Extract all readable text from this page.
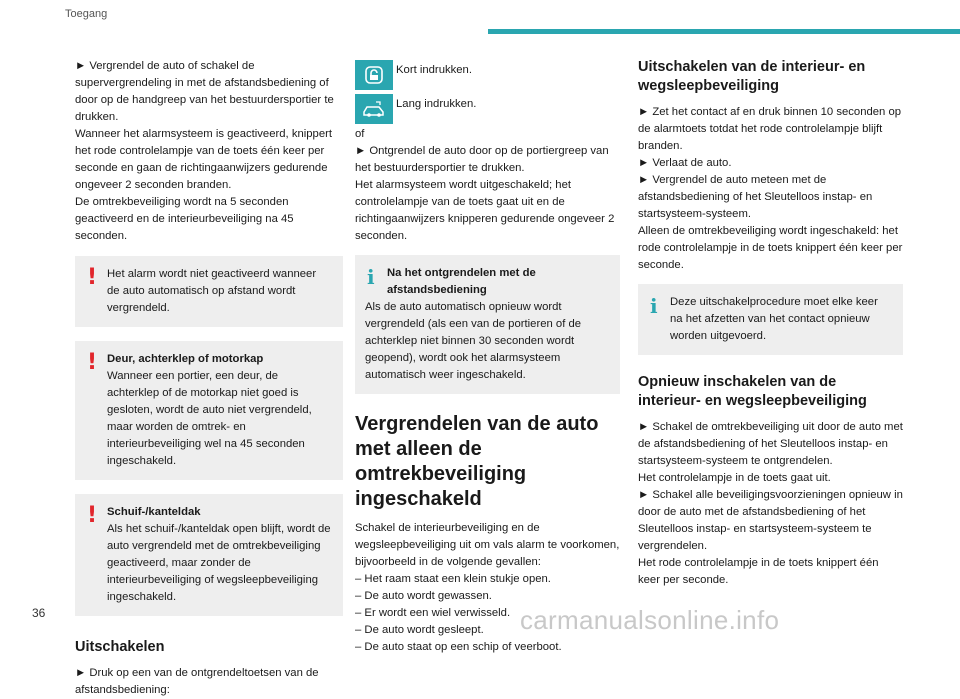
Toegang

► Vergrendel de auto of schakel de supervergrendeling in met de afstandsbediening of door op de handgreep van het bestuurdersportier te drukken.

Wanneer het alarmsysteem is geactiveerd, knippert het rode controlelampje van de toets één keer per seconde en gaan de richtingaanwijzers gedurende ongeveer 2 seconden branden.

De omtrekbeveiliging wordt na 5 seconden geactiveerd en de interieurbeveiliging na 45 seconden.

! Het alarm wordt niet geactiveerd wanneer de auto automatisch op afstand wordt vergrendeld.
! Deur, achterklep of motorkap
Wanneer een portier, een deur, de achterklep of de motorkap niet goed is gesloten, wordt de auto niet vergrendeld, maar worden de omtrek- en interieurbeveiliging wel na 45 seconden ingeschakeld.
! Schuif-/kanteldak
Als het schuif-/kanteldak open blijft, wordt de auto vergrendeld met de omtrekbeveiliging geactiveerd, maar zonder de interieurbeveiliging of wegsleepbeveiliging ingeschakeld.
Uitschakelen

► Druk op een van de ontgrendeltoetsen van de afstandsbediening:

Kort indrukken.
Lang indrukken.

of

► Ontgrendel de auto door op de portiergreep van het bestuurdersportier te drukken.

Het alarmsysteem wordt uitgeschakeld; het controlelampje van de toets gaat uit en de richtingaanwijzers knipperen gedurende ongeveer 2 seconden.

i Na het ontgrendelen met de afstandsbediening
Als de auto automatisch opnieuw wordt vergrendeld (als een van de portieren of de achterklep niet binnen 30 seconden wordt geopend), wordt ook het alarmsysteem automatisch weer ingeschakeld.
Vergrendelen van de auto met alleen de omtrekbeveiliging ingeschakeld

Schakel de interieurbeveiliging en de wegsleepbeveiliging uit om vals alarm te voorkomen, bijvoorbeeld in de volgende gevallen:

– Het raam staat een klein stukje open.

– De auto wordt gewassen.

– Er wordt een wiel verwisseld.

– De auto wordt gesleept.

– De auto staat op een schip of veerboot.

Uitschakelen van de interieur- en wegsleepbeveiliging

► Zet het contact af en druk binnen 10 seconden op de alarmtoets totdat het rode controlelampje blijft branden.

► Verlaat de auto.

► Vergrendel de auto meteen met de afstandsbediening of het Sleutelloos instap- en startsysteem-systeem.

Alleen de omtrekbeveiliging wordt ingeschakeld: het rode controlelampje in de toets knippert één keer per seconde.

i	Deze uitschakelprocedure moet elke keer na het afzetten van het contact opnieuw worden uitgevoerd.
Opnieuw inschakelen van de interieur- en wegsleepbeveiliging

► Schakel de omtrekbeveiliging uit door de auto met de afstandsbediening of het Sleutelloos instap- en startsysteem-systeem te ontgrendelen.

Het controlelampje in de toets gaat uit.

► Schakel alle beveiligingsvoorzieningen opnieuw in door de auto met de afstandsbediening of het Sleutelloos instap- en startsysteem-systeem te vergrendelen.

Het rode controlelampje in de toets knippert één keer per seconde.

36	carmanualsonline.info
